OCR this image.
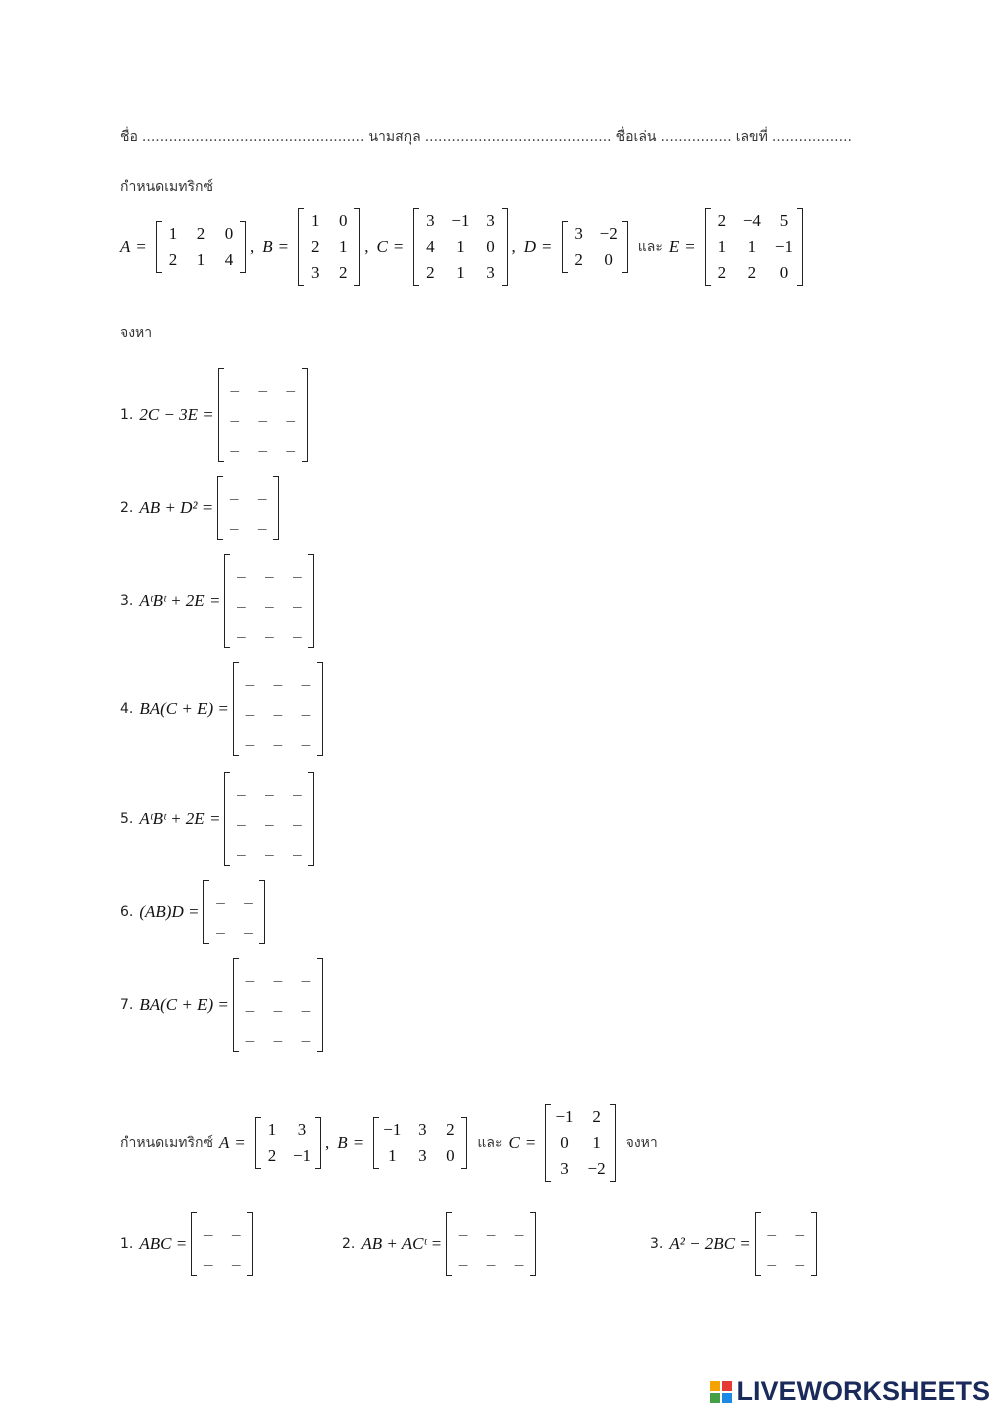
ชื่อ .................................................. นามสกุล .......................................... ชื่อเล่น ................ เลขที่ ..................
กำหนดเมทริกซ์
A =
1 2 0
2 1 4
, B =
1 0
2 1
3 2
, C =
3 −1 3
4 1 0
2 1 3
, D =
3 −2
2 0
และ E =
2 −4 5
1 1 −1
2 2 0
จงหา
1. 2C − 3E =
_ _ _
_ _ _
_ _ _
2. AB + D² =
_ _
_ _
3. AᵗBᵗ + 2E =
_ _ _
_ _ _
_ _ _
4. BA(C + E) =
_ _ _
_ _ _
_ _ _
5. AᵗBᵗ + 2E =
_ _ _
_ _ _
_ _ _
6. (AB)D =
_ _
_ _
7. BA(C + E) =
_ _ _
_ _ _
_ _ _
กำหนดเมทริกซ์ A =
1 3
2 −1
, B =
−1 3 2
1 3 0
และ C =
−1 2
0 1
3 −2
จงหา
1. ABC =
_ _
_ _
2. AB + ACᵗ =
_ _ _
_ _ _
3. A² − 2BC =
_ _
_ _
LIVEWORKSHEETS
